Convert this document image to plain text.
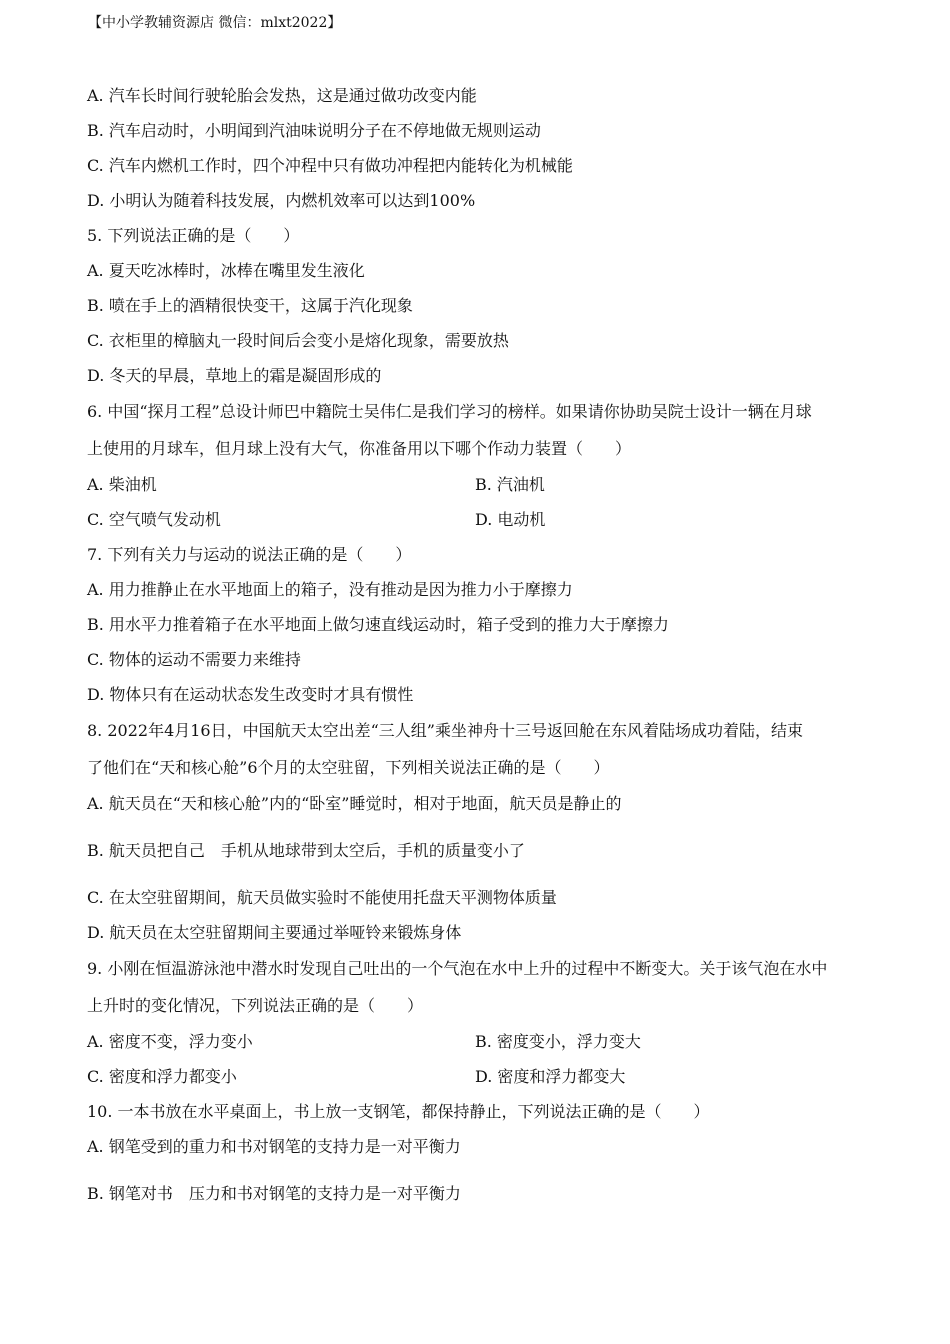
【中小学教辅资源店 微信：mlxt2022】
A. 汽车长时间行驶轮胎会发热，这是通过做功改变内能
B. 汽车启动时，小明闻到汽油味说明分子在不停地做无规则运动
C. 汽车内燃机工作时，四个冲程中只有做功冲程把内能转化为机械能
D. 小明认为随着科技发展，内燃机效率可以达到100%
5. 下列说法正确的是（　　）
A. 夏天吃冰棒时，冰棒在嘴里发生液化
B. 喷在手上的酒精很快变干，这属于汽化现象
C. 衣柜里的樟脑丸一段时间后会变小是熔化现象，需要放热
D. 冬天的早晨，草地上的霜是凝固形成的
6. 中国“探月工程”总设计师巴中籍院士吴伟仁是我们学习的榜样。如果请你协助吴院士设计一辆在月球
上使用的月球车，但月球上没有大气，你准备用以下哪个作动力装置（　　）
A. 柴油机	B. 汽油机
C. 空气喷气发动机	D. 电动机
7. 下列有关力与运动的说法正确的是（　　）
A. 用力推静止在水平地面上的箱子，没有推动是因为推力小于摩擦力
B. 用水平力推着箱子在水平地面上做匀速直线运动时，箱子受到的推力大于摩擦力
C. 物体的运动不需要力来维持
D. 物体只有在运动状态发生改变时才具有惯性
8. 2022年4月16日，中国航天太空出差“三人组”乘坐神舟十三号返回舱在东风着陆场成功着陆，结束
了他们在“天和核心舱”6个月的太空驻留，下列相关说法正确的是（　　）
A. 航天员在“天和核心舱”内的“卧室”睡觉时，相对于地面，航天员是静止的
B. 航天员把自己　手机从地球带到太空后，手机的质量变小了
C. 在太空驻留期间，航天员做实验时不能使用托盘天平测物体质量
D. 航天员在太空驻留期间主要通过举哑铃来锻炼身体
9. 小刚在恒温游泳池中潜水时发现自己吐出的一个气泡在水中上升的过程中不断变大。关于该气泡在水中
上升时的变化情况，下列说法正确的是（　　）
A. 密度不变，浮力变小	B. 密度变小，浮力变大
C. 密度和浮力都变小	D. 密度和浮力都变大
10. 一本书放在水平桌面上，书上放一支钢笔，都保持静止，下列说法正确的是（　　）
A. 钢笔受到的重力和书对钢笔的支持力是一对平衡力
B. 钢笔对书　压力和书对钢笔的支持力是一对平衡力
